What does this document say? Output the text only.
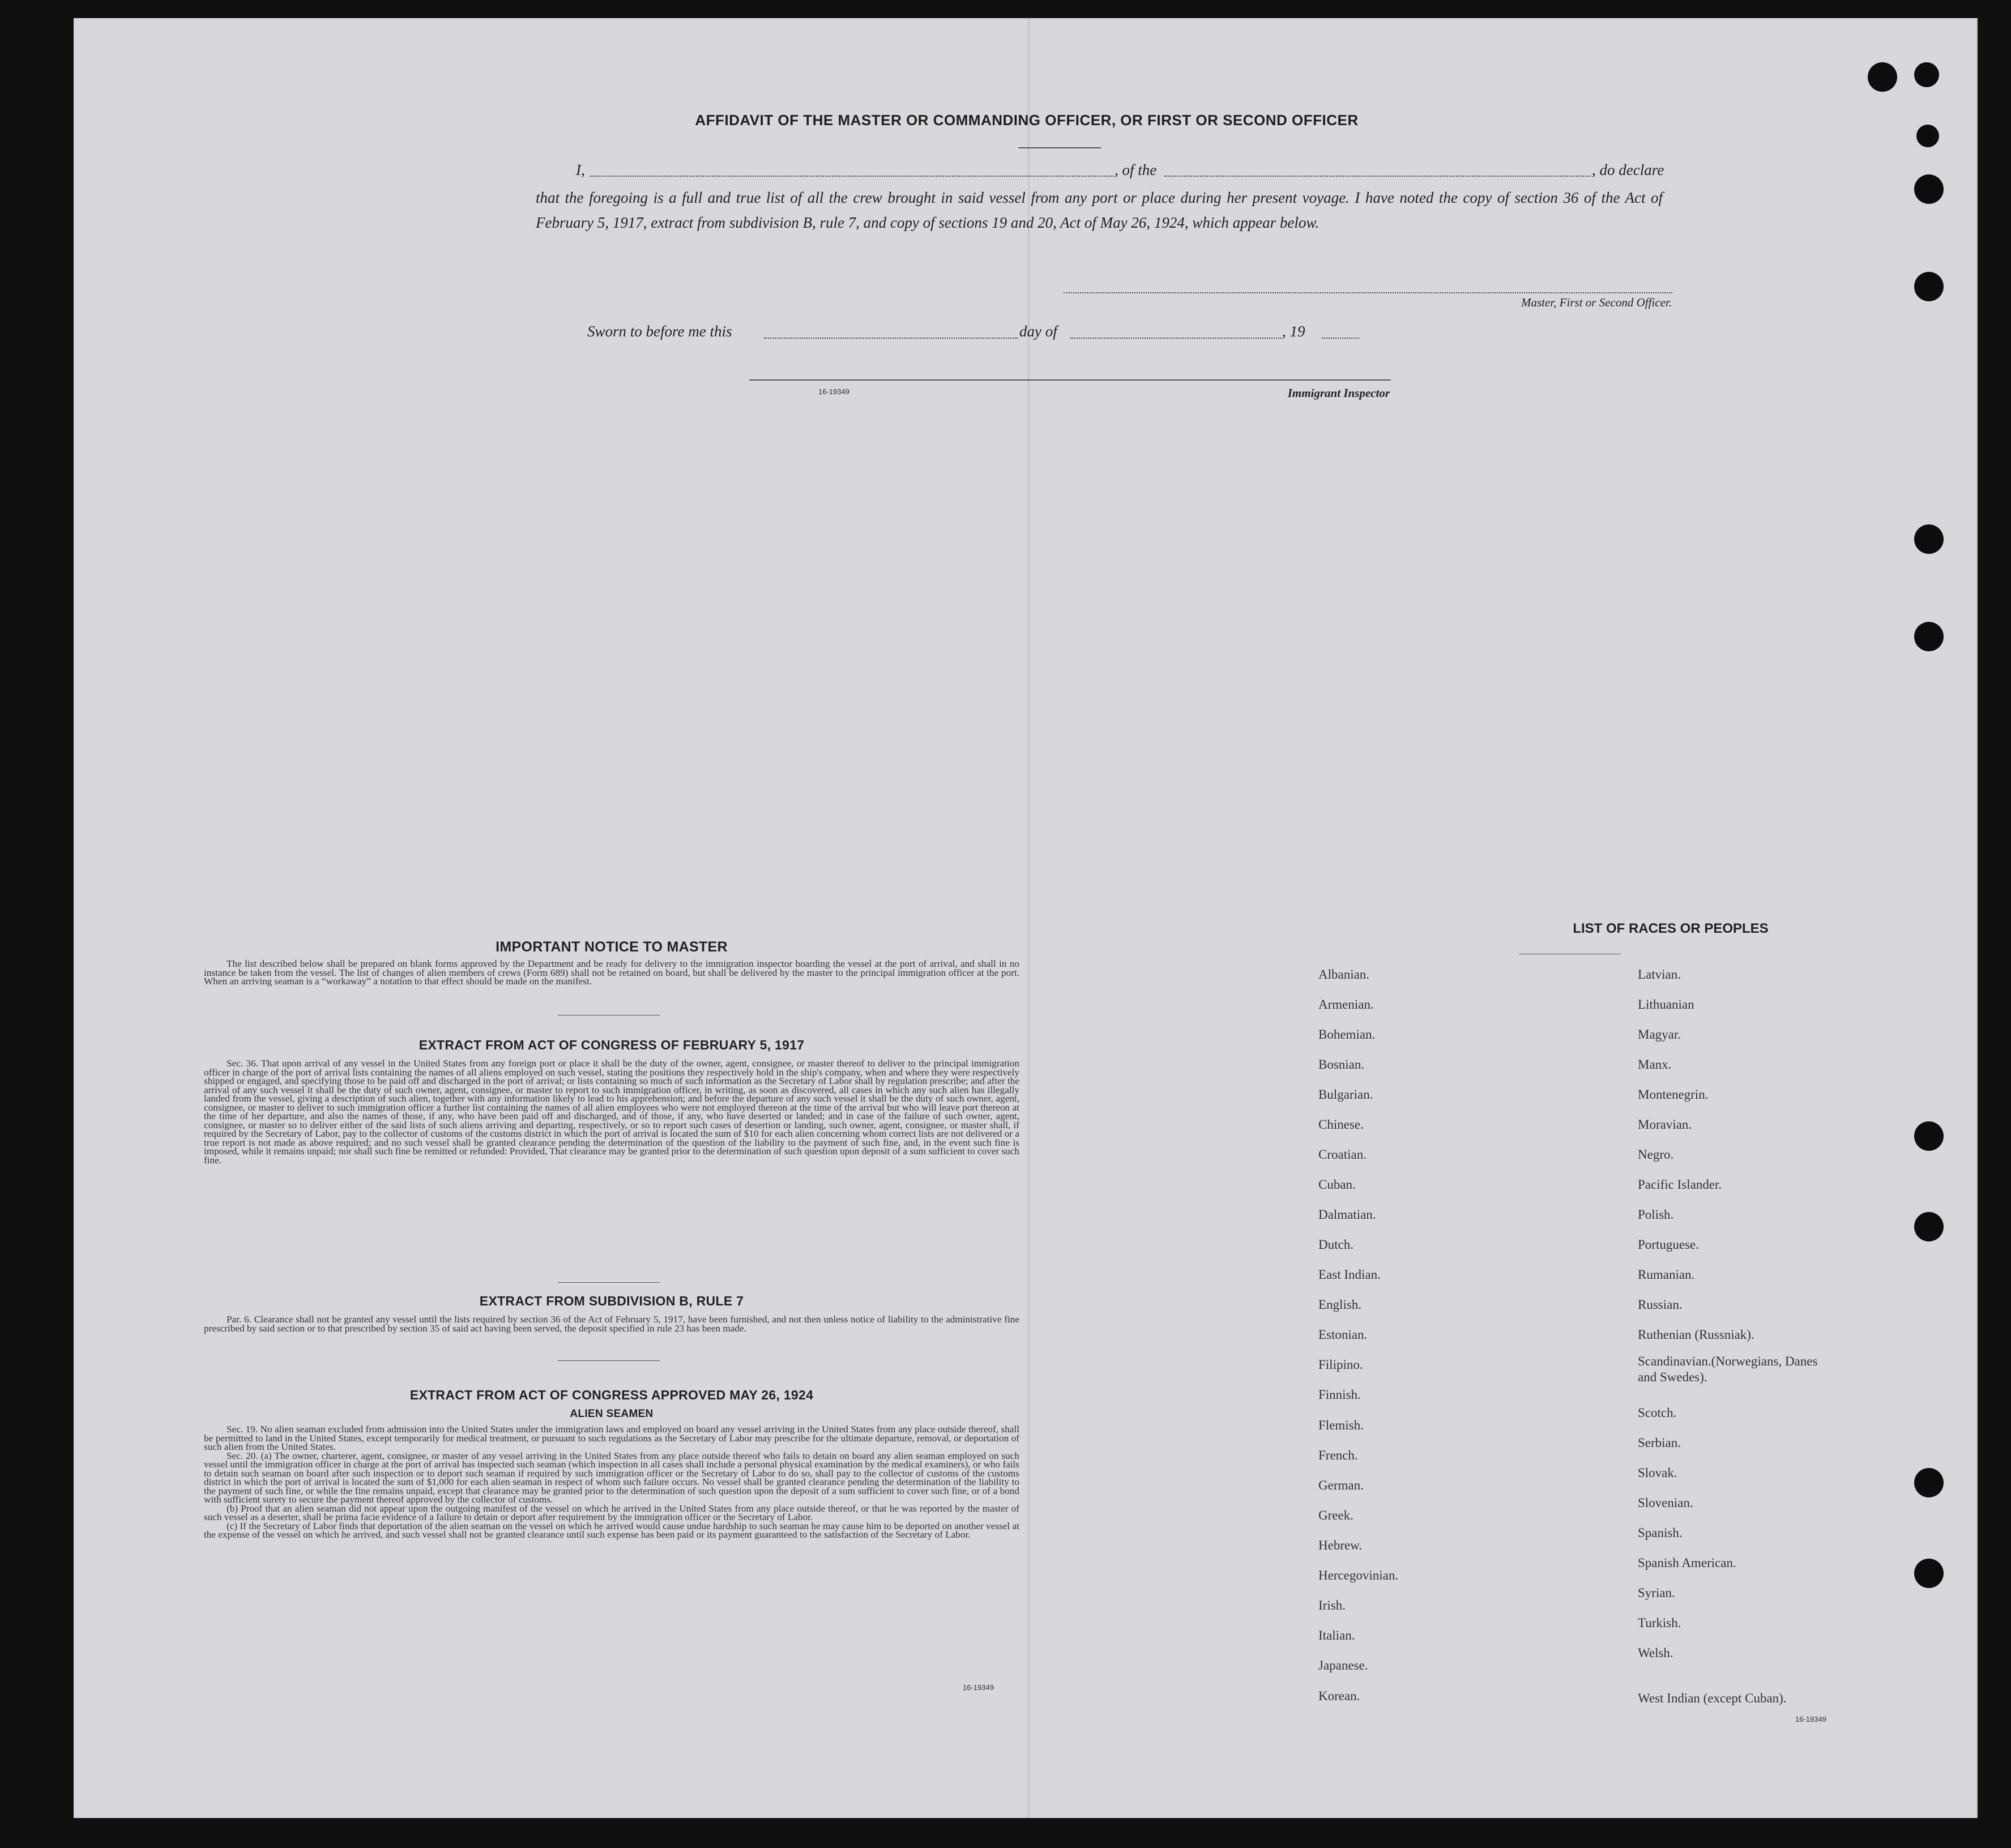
AFFIDAVIT OF THE MASTER OR COMMANDING OFFICER, OR FIRST OR SECOND OFFICER
I,	, of the	, do declare
that the foregoing is a full and true list of all the crew brought in said vessel from any port or place during her present voyage. I have noted the copy of section 36 of the Act of February 5, 1917, extract from subdivision B, rule 7, and copy of sections 19 and 20, Act of May 26, 1924, which appear below.
Master, First or Second Officer.
Sworn to before me this	day of	, 19
16-19349	Immigrant Inspector
IMPORTANT NOTICE TO MASTER

The list described below shall be prepared on blank forms approved by the Department and be ready for delivery to the immigration inspector boarding the vessel at the port of arrival, and shall in no instance be taken from the vessel. The list of changes of alien members of crews (Form 689) shall not be retained on board, but shall be delivered by the master to the principal immigration officer at the port. When an arriving seaman is a “workaway” a notation to that effect should be made on the manifest.

EXTRACT FROM ACT OF CONGRESS OF FEBRUARY 5, 1917

Sec. 36. That upon arrival of any vessel in the United States from any foreign port or place it shall be the duty of the owner, agent, consignee, or master thereof to deliver to the principal immigration officer in charge of the port of arrival lists containing the names of all aliens employed on such vessel, stating the positions they respectively hold in the ship's company, when and where they were respectively shipped or engaged, and specifying those to be paid off and discharged in the port of arrival; or lists containing so much of such information as the Secretary of Labor shall by regulation prescribe; and after the arrival of any such vessel it shall be the duty of such owner, agent, consignee, or master to report to such immigration officer, in writing, as soon as discovered, all cases in which any such alien has illegally landed from the vessel, giving a description of such alien, together with any information likely to lead to his apprehension; and before the departure of any such vessel it shall be the duty of such owner, agent, consignee, or master to deliver to such immigration officer a further list containing the names of all alien employees who were not employed thereon at the time of the arrival but who will leave port thereon at the time of her departure, and also the names of those, if any, who have been paid off and discharged, and of those, if any, who have deserted or landed; and in case of the failure of such owner, agent, consignee, or master so to deliver either of the said lists of such aliens arriving and departing, respectively, or so to report such cases of desertion or landing, such owner, agent, consignee, or master shall, if required by the Secretary of Labor, pay to the collector of customs of the customs district in which the port of arrival is located the sum of $10 for each alien concerning whom correct lists are not delivered or a true report is not made as above required; and no such vessel shall be granted clearance pending the determination of the question of the liability to the payment of such fine, and, in the event such fine is imposed, while it remains unpaid; nor shall such fine be remitted or refunded: Provided, That clearance may be granted prior to the determination of such question upon deposit of a sum sufficient to cover such fine.

EXTRACT FROM SUBDIVISION B, RULE 7

Par. 6. Clearance shall not be granted any vessel until the lists required by section 36 of the Act of February 5, 1917, have been furnished, and not then unless notice of liability to the administrative fine prescribed by said section or to that prescribed by section 35 of said act having been served, the deposit specified in rule 23 has been made.

EXTRACT FROM ACT OF CONGRESS APPROVED MAY 26, 1924
ALIEN SEAMEN

Sec. 19. No alien seaman excluded from admission into the United States under the immigration laws and employed on board any vessel arriving in the United States from any place outside thereof, shall be permitted to land in the United States, except temporarily for medical treatment, or pursuant to such regulations as the Secretary of Labor may prescribe for the ultimate departure, removal, or deportation of such alien from the United States.

Sec. 20. (a) The owner, charterer, agent, consignee, or master of any vessel arriving in the United States from any place outside thereof who fails to detain on board any alien seaman employed on such vessel until the immigration officer in charge at the port of arrival has inspected such seaman (which inspection in all cases shall include a personal physical examination by the medical examiners), or who fails to detain such seaman on board after such inspection or to deport such seaman if required by such immigration officer or the Secretary of Labor to do so, shall pay to the collector of customs of the customs district in which the port of arrival is located the sum of $1,000 for each alien seaman in respect of whom such failure occurs. No vessel shall be granted clearance pending the determination of the liability to the payment of such fine, or while the fine remains unpaid, except that clearance may be granted prior to the determination of such question upon the deposit of a sum sufficient to cover such fine, or of a bond with sufficient surety to secure the payment thereof approved by the collector of customs.

(b) Proof that an alien seaman did not appear upon the outgoing manifest of the vessel on which he arrived in the United States from any place outside thereof, or that he was reported by the master of such vessel as a deserter, shall be prima facie evidence of a failure to detain or deport after requirement by the immigration officer or the Secretary of Labor.

(c) If the Secretary of Labor finds that deportation of the alien seaman on the vessel on which he arrived would cause undue hardship to such seaman he may cause him to be deported on another vessel at the expense of the vessel on which he arrived, and such vessel shall not be granted clearance until such expense has been paid or its payment guaranteed to the satisfaction of the Secretary of Labor.

16-19349
LIST OF RACES OR PEOPLES
Albanian.
Armenian.
Bohemian.
Bosnian.
Bulgarian.
Chinese.
Croatian.
Cuban.
Dalmatian.
Dutch.
East Indian.
English.
Estonian.
Filipino.
Finnish.
Flemish.
French.
German.
Greek.
Hebrew.
Hercegovinian.
Irish.
Italian.
Japanese.
Korean.
Latvian.
Lithuanian
Magyar.
Manx.
Montenegrin.
Moravian.
Negro.
Pacific Islander.
Polish.
Portuguese.
Rumanian.
Russian.
Ruthenian (Russniak).
Scandinavian.(Norwegians, Danes and Swedes).
Scotch.
Serbian.
Slovak.
Slovenian.
Spanish.
Spanish American.
Syrian.
Turkish.
Welsh.
West Indian (except Cuban).
16-19349
